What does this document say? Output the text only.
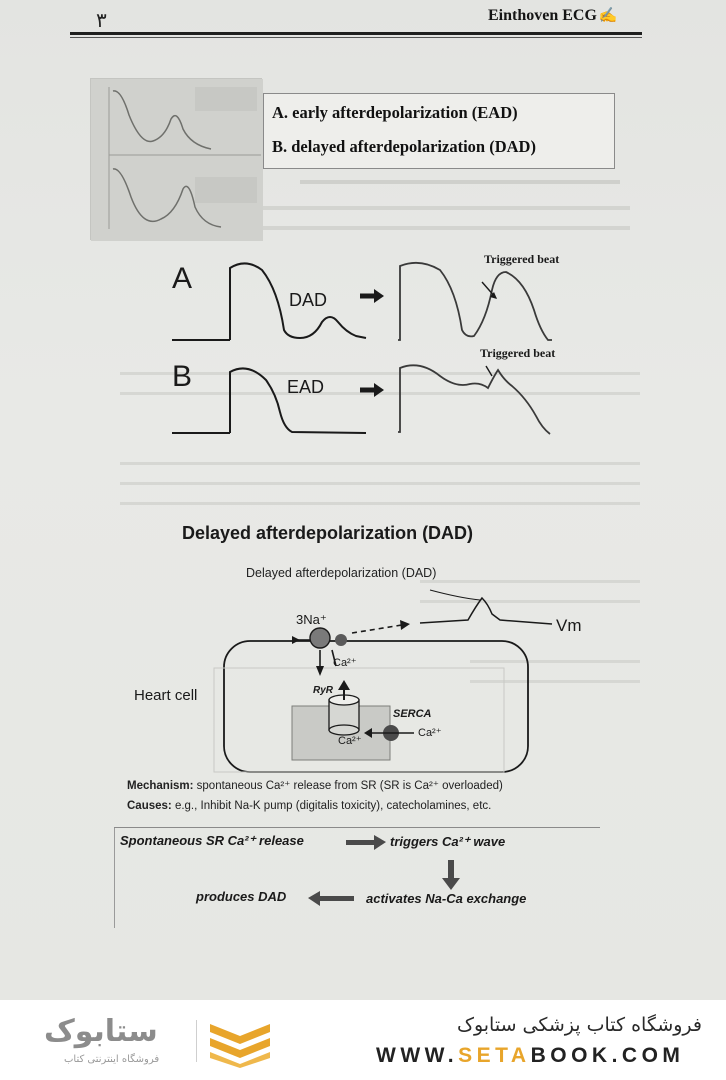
٣	Einthoven ECG ✍
A. early afterdepolarization (EAD)
B. delayed afterdepolarization (DAD)
A
DAD
Triggered beat
B	EAD
Triggered beat
Delayed afterdepolarization (DAD)
Delayed afterdepolarization (DAD)
Vm
3Na⁺
Ca²⁺
Heart cell	RyR
SERCA
Ca²⁺
Ca²⁺
Mechanism: spontaneous Ca²⁺ release from SR (SR is Ca²⁺ overloaded)
Causes: e.g., Inhibit Na-K pump (digitalis toxicity), catecholamines, etc.
Spontaneous SR Ca²⁺ release	triggers Ca²⁺ wave
activates Na-Ca exchange
produces DAD
ستابوک
فروشگاه اینترنتی کتاب
فروشگاه کتاب پزشکی ستابوک
WWW.SETABOOK.COM
